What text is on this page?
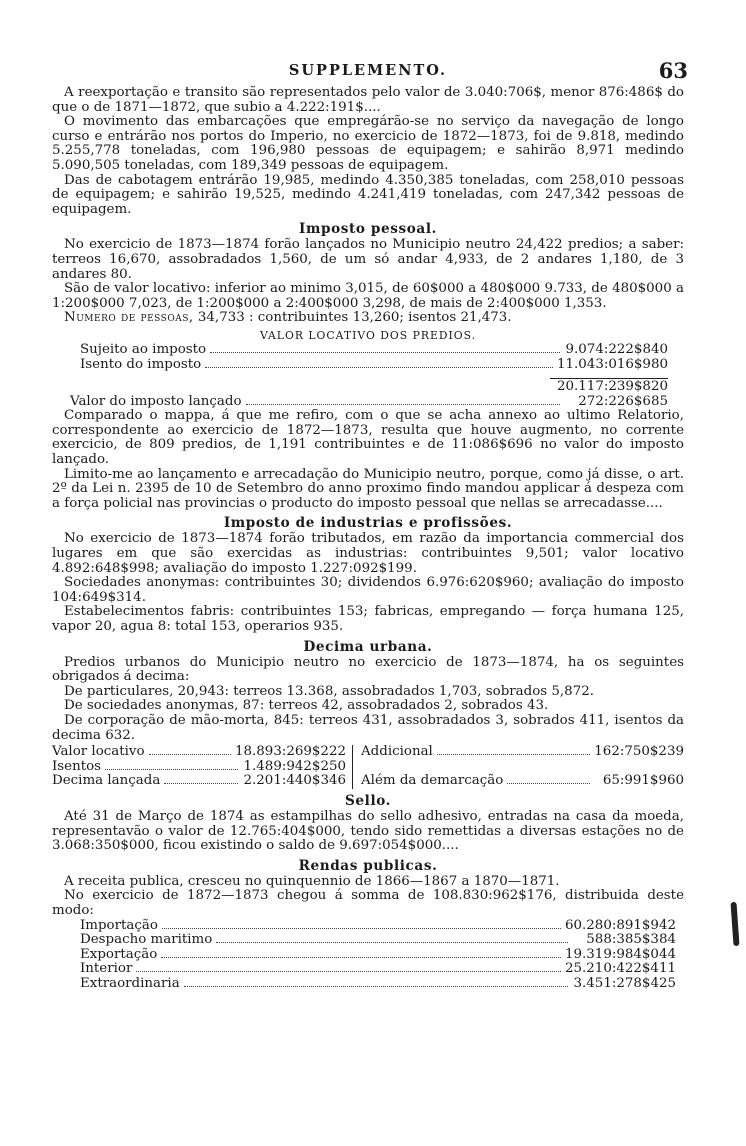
SUPPLEMENTO.	63

A reexportação e transito são representados pelo valor de 3.040:706$, menor 876:486$ do que o de 1871—1872, que subio a 4.222:191$....

O movimento das embarcações que empregárão-se no serviço da navegação de longo curso e entrárão nos portos do Imperio, no exercicio de 1872—1873, foi de 9.818, medindo 5.255,778 toneladas, com 196,980 pessoas de equipagem; e sahirão 8,971 medindo 5.090,505 toneladas, com 189,349 pessoas de equipagem.

Das de cabotagem entrárão 19,985, medindo 4.350,385 toneladas, com 258,010 pessoas de equipagem; e sahirão 19,525, medindo 4.241,419 toneladas, com 247,342 pessoas de equipagem.

Imposto pessoal.

No exercicio de 1873—1874 forão lançados no Municipio neutro 24,422 predios; a saber: terreos 16,670, assobradados 1,560, de um só andar 4,933, de 2 andares 1,180, de 3 andares 80.

São de valor locativo: inferior ao minimo 3,015, de 60$000 a 480$000 9.733, de 480$000 a 1:200$000 7,023, de 1:200$000 a 2:400$000 3,298, de mais de 2:400$000 1,353.

Numero de pessoas, 34,733 : contribuintes 13,260; isentos 21,473.

VALOR LOCATIVO DOS PREDIOS.
Sujeito ao imposto	9.074:222$840
Isento do imposto	11.043:016$980
20.117:239$820
Valor do imposto lançado	272:226$685

Comparado o mappa, á que me refiro, com o que se acha annexo ao ultimo Relatorio, correspondente ao exercicio de 1872—1873, resulta que houve augmento, no corrente exercicio, de 809 predios, de 1,191 contribuintes e de 11:086$696 no valor do imposto lançado.

Limito-me ao lançamento e arrecadação do Municipio neutro, porque, como já disse, o art. 2º da Lei n. 2395 de 10 de Setembro do anno proximo findo mandou applicar á despeza com a força policial nas provincias o producto do imposto pessoal que nellas se arrecadasse....

Imposto de industrias e profissões.

No exercicio de 1873—1874 forão tributados, em razão da importancia commercial dos lugares em que são exercidas as industrias: contribuintes 9,501; valor locativo 4.892:648$998; avaliação do imposto 1.227:092$199.

Sociedades anonymas: contribuintes 30; dividendos 6.976:620$960; avaliação do imposto 104:649$314.

Estabelecimentos fabris: contribuintes 153; fabricas, empregando — força humana 125, vapor 20, agua 8: total 153, operarios 935.

Decima urbana.

Predios urbanos do Municipio neutro no exercicio de 1873—1874, ha os seguintes obrigados á decima:

De particulares, 20,943: terreos 13.368, assobradados 1,703, sobrados 5,872.

De sociedades anonymas, 87: terreos 42, assobradados 2, sobrados 43.

De corporação de mão-morta, 845: terreos 431, assobradados 3, sobrados 411, isentos da decima 632.

Valor locativo	18.893:269$222
Isentos	1.489:942$250
Decima lançada	2.201:440$346
Addicional	162:750$239
Além da demarcação	65:991$960
Sello.

Até 31 de Março de 1874 as estampilhas do sello adhesivo, entradas na casa da moeda, representavão o valor de 12.765:404$000, tendo sido remettidas a diversas estações no de 3.068:350$000, ficou existindo o saldo de 9.697:054$000....

Rendas publicas.

A receita publica, cresceu no quinquennio de 1866—1867 a 1870—1871.

No exercicio de 1872—1873 chegou á somma de 108.830:962$176, distribuida deste modo:

Importação	60.280:891$942
Despacho maritimo	588:385$384
Exportação	19.319:984$044
Interior	25.210:422$411
Extraordinaria	3.451:278$425
